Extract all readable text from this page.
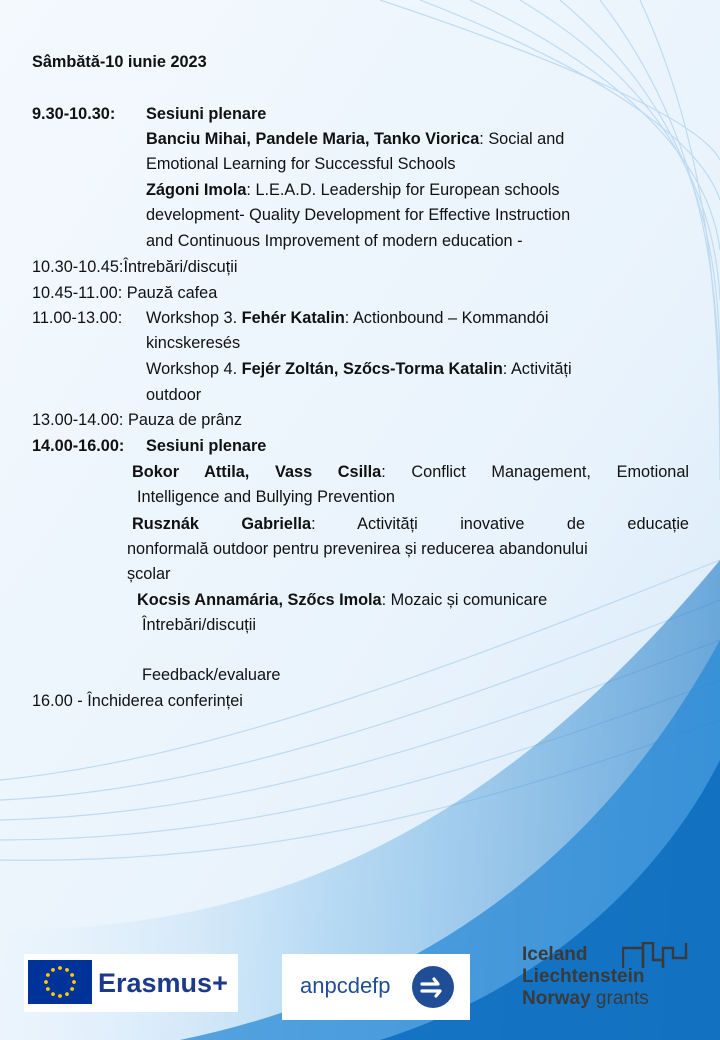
Sâmbătă-10 iunie 2023
9.30-10.30: Sesiuni plenare
Banciu Mihai, Pandele Maria, Tanko Viorica: Social and
Emotional Learning for Successful Schools
Zágoni Imola: L.E.A.D. Leadership for European schools
development- Quality Development for Effective Instruction
and Continuous Improvement of modern education -
10.30-10.45:Întrebări/discuții
10.45-11.00: Pauză cafea
11.00-13.00: Workshop 3. Fehér Katalin: Actionbound – Kommandói
kincskeresés
Workshop 4. Fejér Zoltán, Szőcs-Torma Katalin: Activități
outdoor
13.00-14.00: Pauza de prânz
14.00-16.00: Sesiuni plenare
Bokor Attila, Vass Csilla: Conflict Management, Emotional
Intelligence and Bullying Prevention
Rusznák Gabriella: Activități inovative de educație
nonformală outdoor pentru prevenirea și reducerea abandonului
școlar
Kocsis Annamária, Szőcs Imola: Mozaic și comunicare
Întrebări/discuții
Feedback/evaluare
16.00 - Închiderea conferinței
Erasmus+	anpcdefp
Iceland
Liechtenstein
Norway grants
